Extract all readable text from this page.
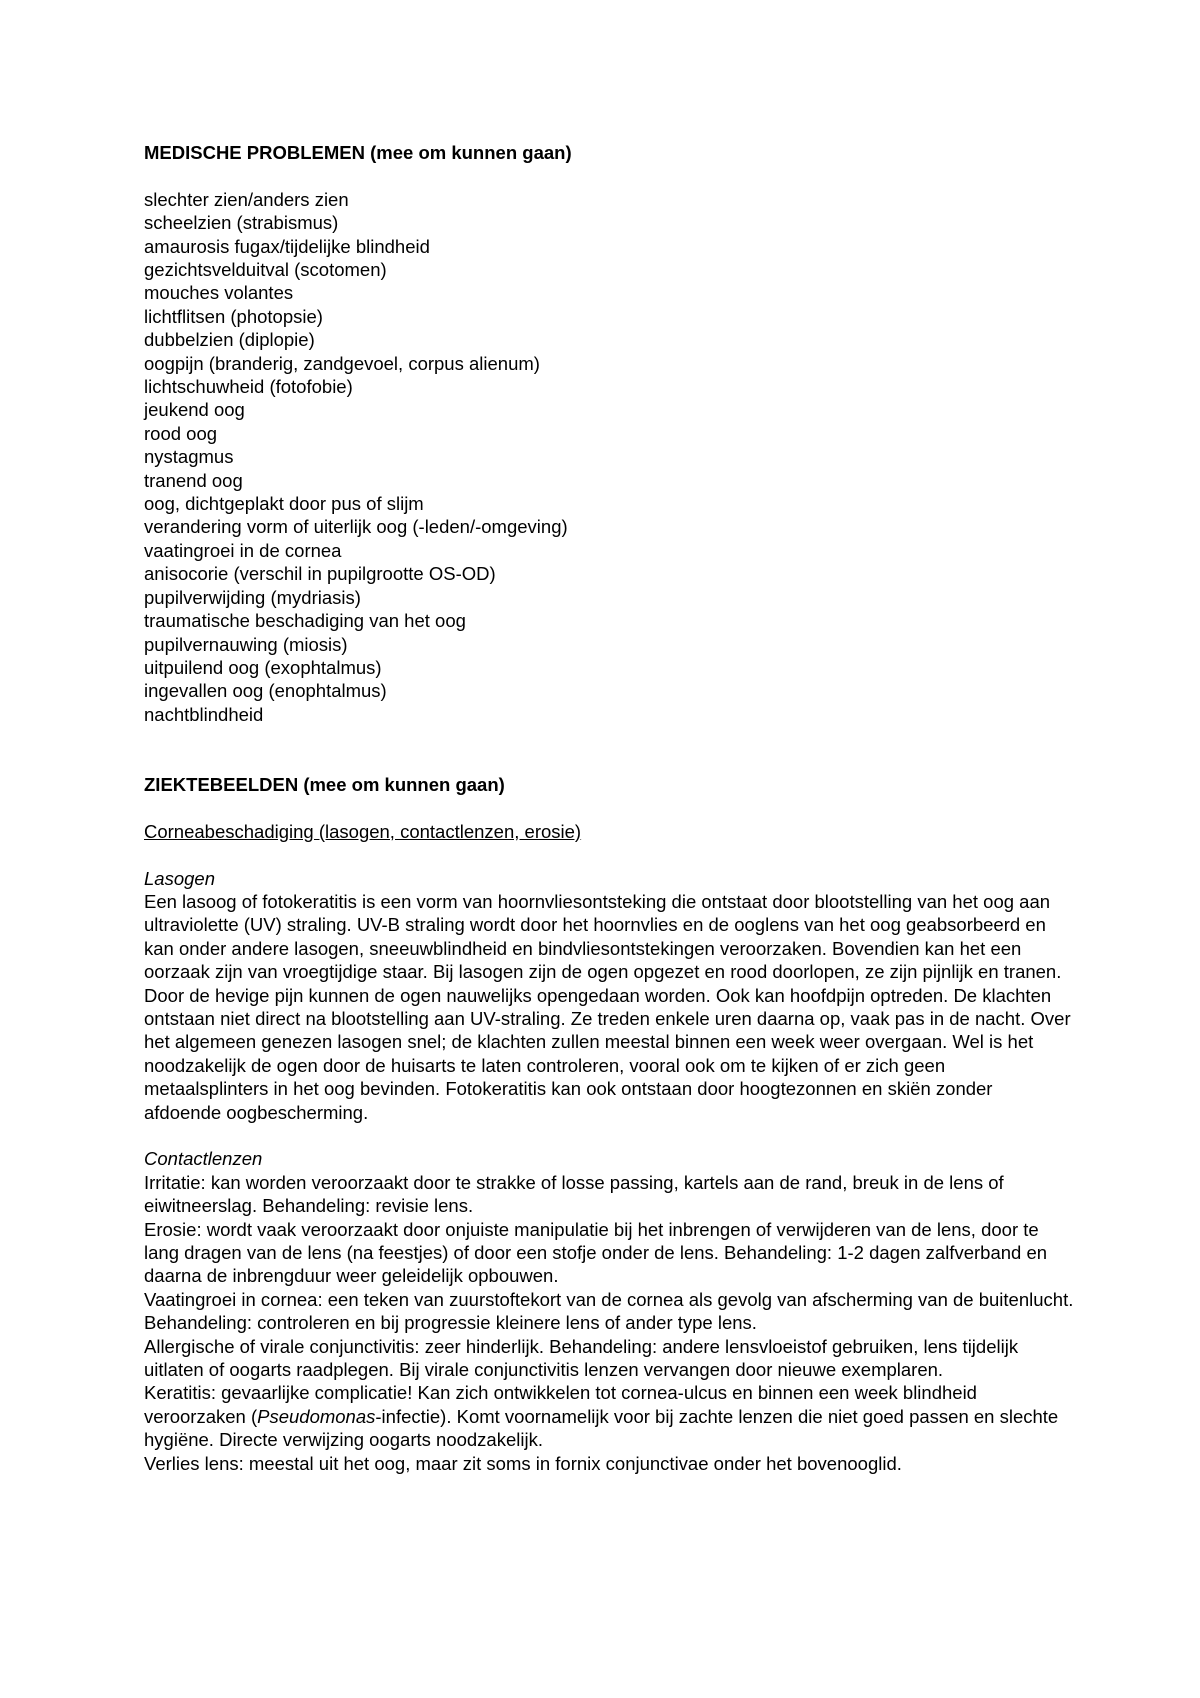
MEDISCHE PROBLEMEN (mee om kunnen gaan)

slechter zien/anders zien

scheelzien (strabismus)

amaurosis fugax/tijdelijke blindheid

gezichtsvelduitval (scotomen)

mouches volantes

lichtflitsen (photopsie)

dubbelzien (diplopie)

oogpijn (branderig, zandgevoel, corpus alienum)

lichtschuwheid (fotofobie)

jeukend oog

rood oog

nystagmus

tranend oog

oog, dichtgeplakt door pus of slijm

verandering vorm of uiterlijk oog (-leden/-omgeving)

vaatingroei in de cornea

anisocorie (verschil in pupilgrootte OS-OD)

pupilverwijding (mydriasis)

traumatische beschadiging van het oog

pupilvernauwing (miosis)

uitpuilend oog (exophtalmus)

ingevallen oog (enophtalmus)

nachtblindheid

ZIEKTEBEELDEN (mee om kunnen gaan)

Corneabeschadiging (lasogen, contactlenzen, erosie)

Lasogen

Een lasoog of fotokeratitis is een vorm van hoornvliesontsteking die ontstaat door blootstelling van het oog aan ultraviolette (UV) straling. UV-B straling wordt door het hoornvlies en de ooglens van het oog geabsorbeerd en kan onder andere lasogen, sneeuwblindheid en bindvliesontstekingen veroorzaken. Bovendien kan het een oorzaak zijn van vroegtijdige staar. Bij lasogen zijn de ogen opgezet en rood doorlopen, ze zijn pijnlijk en tranen. Door de hevige pijn kunnen de ogen nauwelijks opengedaan worden. Ook kan hoofdpijn optreden. De klachten ontstaan niet direct na blootstelling aan UV-straling. Ze treden enkele uren daarna op, vaak pas in de nacht. Over het algemeen genezen lasogen snel; de klachten zullen meestal binnen een week weer overgaan. Wel is het noodzakelijk de ogen door de huisarts te laten controleren, vooral ook om te kijken of er zich geen metaalsplinters in het oog bevinden. Fotokeratitis kan ook ontstaan door hoogtezonnen en skiën zonder afdoende oogbescherming.

Contactlenzen

Irritatie: kan worden veroorzaakt door te strakke of losse passing, kartels aan de rand, breuk in de lens of eiwitneerslag. Behandeling: revisie lens.

Erosie: wordt vaak veroorzaakt door onjuiste manipulatie bij het inbrengen of verwijderen van de lens, door te lang dragen van de lens (na feestjes) of door een stofje onder de lens. Behandeling: 1-2 dagen zalfverband en daarna de inbrengduur weer geleidelijk opbouwen.

Vaatingroei in cornea: een teken van zuurstoftekort van de cornea als gevolg van afscherming van de buitenlucht. Behandeling: controleren en bij progressie kleinere lens of ander type lens.

Allergische of virale conjunctivitis: zeer hinderlijk. Behandeling: andere lensvloeistof gebruiken, lens tijdelijk uitlaten of oogarts raadplegen. Bij virale conjunctivitis lenzen vervangen door nieuwe exemplaren.

Keratitis: gevaarlijke complicatie! Kan zich ontwikkelen tot cornea-ulcus en binnen een week blindheid veroorzaken (Pseudomonas-infectie). Komt voornamelijk voor bij zachte lenzen die niet goed passen en slechte hygiëne. Directe verwijzing oogarts noodzakelijk.

Verlies lens: meestal uit het oog, maar zit soms in fornix conjunctivae onder het bovenooglid.
